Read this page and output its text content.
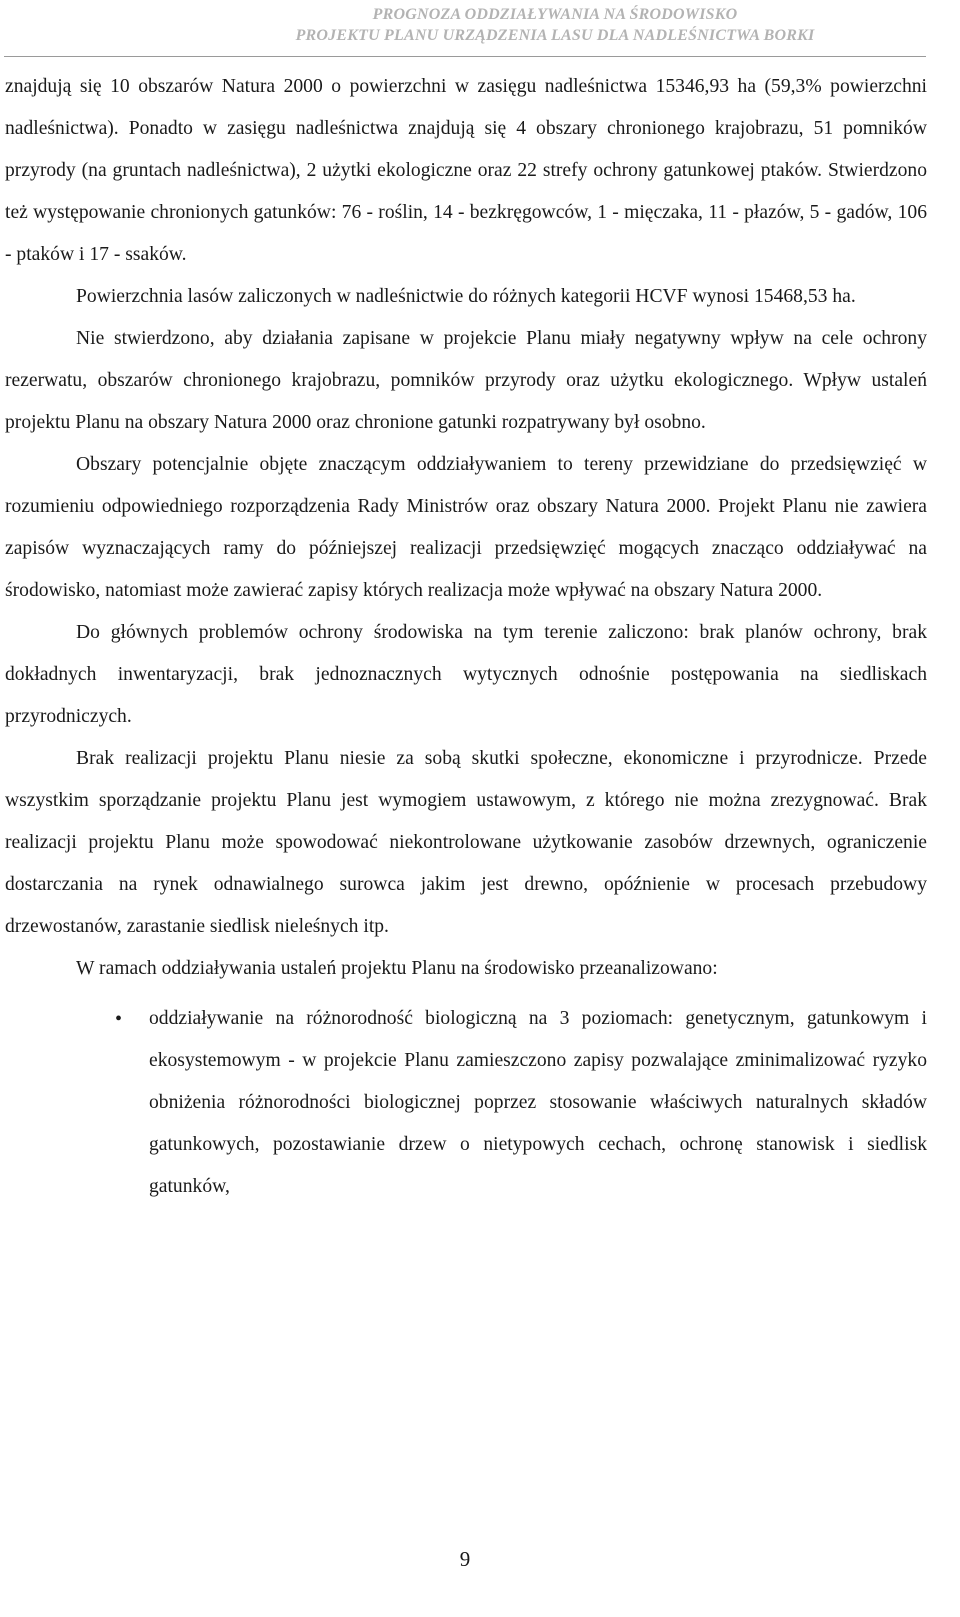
PROGNOZA ODDZIAŁYWANIA NA ŚRODOWISKO
PROJEKTU PLANU URZĄDZENIA LASU DLA NADLEŚNICTWA BORKI

znajdują się 10 obszarów Natura 2000 o powierzchni w zasięgu nadleśnictwa 15346,93 ha (59,3% powierzchni nadleśnictwa). Ponadto w zasięgu nadleśnictwa znajdują się 4 obszary chronionego krajobrazu, 51 pomników przyrody (na gruntach nadleśnictwa), 2 użytki ekologiczne oraz 22 strefy ochrony gatunkowej ptaków. Stwierdzono też występowanie chronionych gatunków: 76 - roślin, 14 - bezkręgowców, 1 - mięczaka, 11 - płazów, 5 - gadów, 106 - ptaków i 17 - ssaków.

Powierzchnia lasów zaliczonych w nadleśnictwie do różnych kategorii HCVF wynosi 15468,53 ha.

Nie stwierdzono, aby działania zapisane w projekcie Planu miały negatywny wpływ na cele ochrony rezerwatu, obszarów chronionego krajobrazu, pomników przyrody oraz użytku ekologicznego. Wpływ ustaleń projektu Planu na obszary Natura 2000 oraz chronione gatunki rozpatrywany był osobno.

Obszary potencjalnie objęte znaczącym oddziaływaniem to tereny przewidziane do przedsięwzięć w rozumieniu odpowiedniego rozporządzenia Rady Ministrów oraz obszary Natura 2000. Projekt Planu nie zawiera zapisów wyznaczających ramy do późniejszej realizacji przedsięwzięć mogących znacząco oddziaływać na środowisko, natomiast może zawierać zapisy których realizacja może wpływać na obszary Natura 2000.

Do głównych problemów ochrony środowiska na tym terenie zaliczono: brak planów ochrony, brak dokładnych inwentaryzacji, brak jednoznacznych wytycznych odnośnie postępowania na siedliskach przyrodniczych.

Brak realizacji projektu Planu niesie za sobą skutki społeczne, ekonomiczne i przyrodnicze. Przede wszystkim sporządzanie projektu Planu jest wymogiem ustawowym, z którego nie można zrezygnować. Brak realizacji projektu Planu może spowodować niekontrolowane użytkowanie zasobów drzewnych, ograniczenie dostarczania na rynek odnawialnego surowca jakim jest drewno, opóźnienie w procesach przebudowy drzewostanów, zarastanie siedlisk nieleśnych itp.

W ramach oddziaływania ustaleń projektu Planu na środowisko przeanalizowano:

• oddziaływanie na różnorodność biologiczną na 3 poziomach: genetycznym, gatunkowym i ekosystemowym - w projekcie Planu zamieszczono zapisy pozwalające zminimalizować ryzyko obniżenia różnorodności biologicznej poprzez stosowanie właściwych naturalnych składów gatunkowych, pozostawianie drzew o nietypowych cechach, ochronę stanowisk i siedlisk gatunków,
9
